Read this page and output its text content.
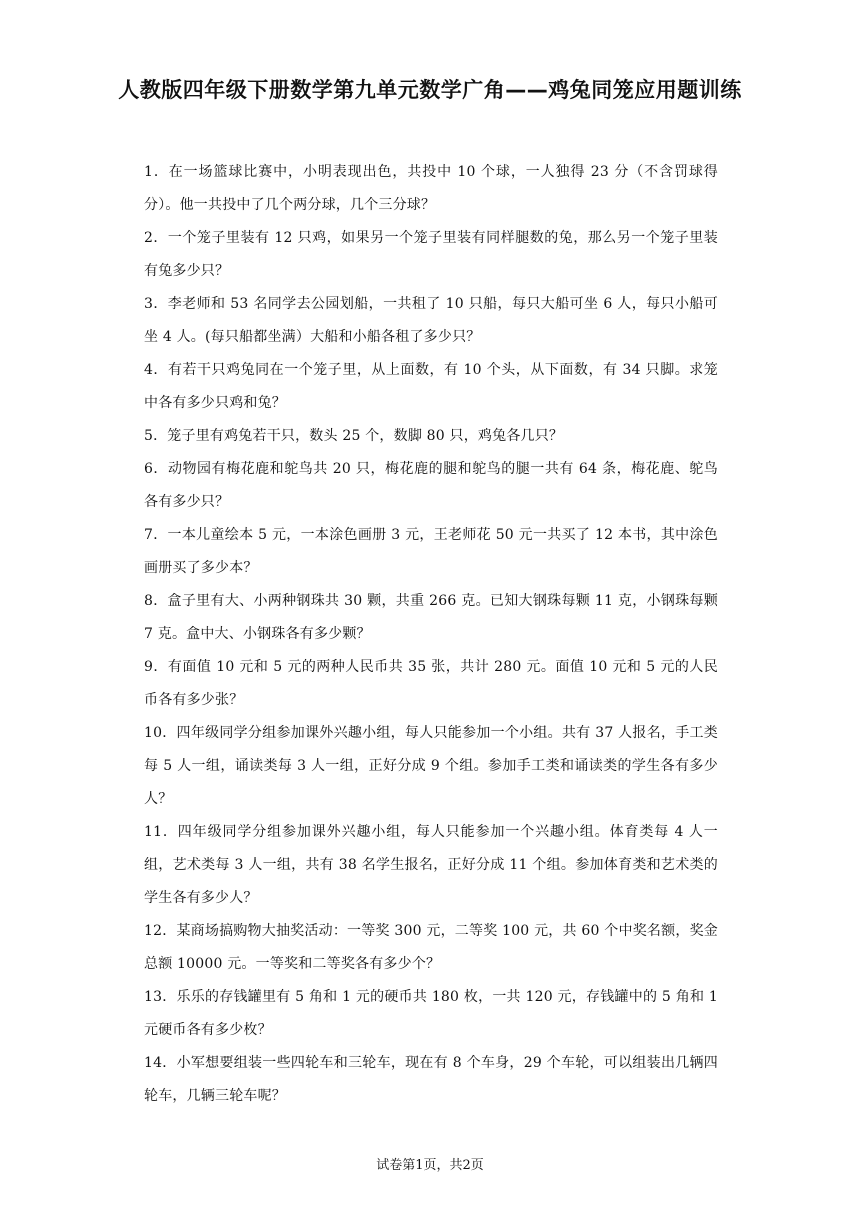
人教版四年级下册数学第九单元数学广角——鸡兔同笼应用题训练

1．在一场篮球比赛中，小明表现出色，共投中 10 个球，一人独得 23 分（不含罚球得分）。他一共投中了几个两分球，几个三分球？

2．一个笼子里装有 12 只鸡，如果另一个笼子里装有同样腿数的兔，那么另一个笼子里装有兔多少只？

3．李老师和 53 名同学去公园划船，一共租了 10 只船，每只大船可坐 6 人，每只小船可坐 4 人。(每只船都坐满）大船和小船各租了多少只？

4．有若干只鸡兔同在一个笼子里，从上面数，有 10 个头，从下面数，有 34 只脚。求笼中各有多少只鸡和兔？

5．笼子里有鸡兔若干只，数头 25 个，数脚 80 只，鸡兔各几只？

6．动物园有梅花鹿和鸵鸟共 20 只，梅花鹿的腿和鸵鸟的腿一共有 64 条，梅花鹿、鸵鸟各有多少只？

7．一本儿童绘本 5 元，一本涂色画册 3 元，王老师花 50 元一共买了 12 本书，其中涂色画册买了多少本？

8．盒子里有大、小两种钢珠共 30 颗，共重 266 克。已知大钢珠每颗 11 克，小钢珠每颗 7 克。盒中大、小钢珠各有多少颗？

9．有面值 10 元和 5 元的两种人民币共 35 张，共计 280 元。面值 10 元和 5 元的人民币各有多少张？

10．四年级同学分组参加课外兴趣小组，每人只能参加一个小组。共有 37 人报名，手工类每 5 人一组，诵读类每 3 人一组，正好分成 9 个组。参加手工类和诵读类的学生各有多少人？

11．四年级同学分组参加课外兴趣小组，每人只能参加一个兴趣小组。体育类每 4 人一组，艺术类每 3 人一组，共有 38 名学生报名，正好分成 11 个组。参加体育类和艺术类的学生各有多少人？

12．某商场搞购物大抽奖活动：一等奖 300 元，二等奖 100 元，共 60 个中奖名额，奖金总额 10000 元。一等奖和二等奖各有多少个？

13．乐乐的存钱罐里有 5 角和 1 元的硬币共 180 枚，一共 120 元，存钱罐中的 5 角和 1 元硬币各有多少枚？

14．小军想要组装一些四轮车和三轮车，现在有 8 个车身，29 个车轮，可以组装出几辆四轮车，几辆三轮车呢？

试卷第1页，共2页
